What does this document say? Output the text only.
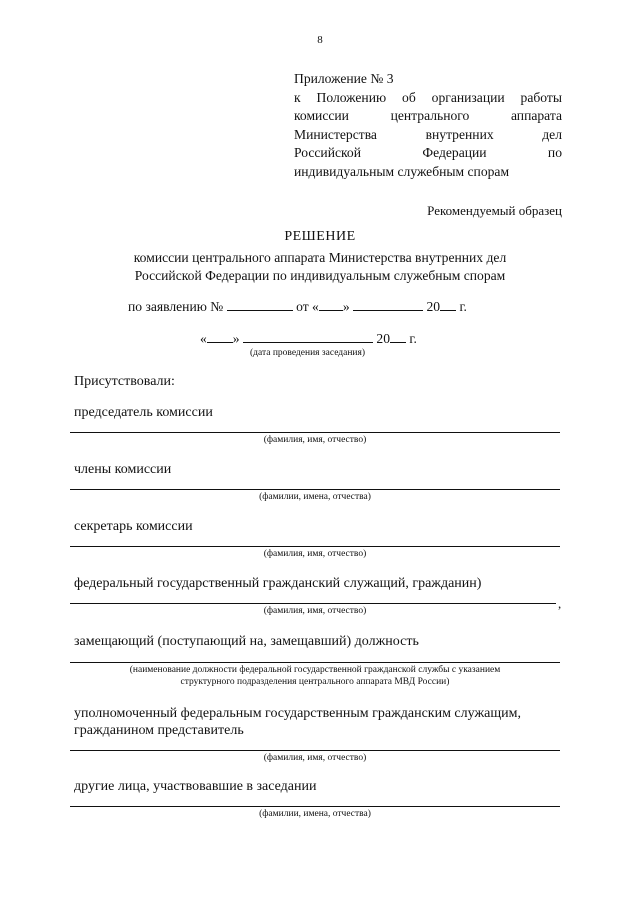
8
Приложение № 3
к Положению об организации работы
комиссии центрального аппарата
Министерства внутренних дел
Российской Федерации по
индивидуальным служебным спорам
Рекомендуемый образец
РЕШЕНИЕ
комиссии центрального аппарата Министерства внутренних дел
Российской Федерации по индивидуальным служебным спорам
по заявлению №	от « »	20 г.
« »	20 г.
(дата проведения заседания)
Присутствовали:
председатель комиссии
(фамилия, имя, отчество)
члены комиссии
(фамилии, имена, отчества)
секретарь комиссии
(фамилия, имя, отчество)
федеральный государственный гражданский служащий, гражданин)
,
(фамилия, имя, отчество)
замещающий (поступающий на, замещавший) должность
(наименование должности федеральной государственной гражданской службы с указанием
структурного подразделения центрального аппарата МВД России)
уполномоченный федеральным государственным гражданским служащим,
гражданином представитель
(фамилия, имя, отчество)
другие лица, участвовавшие в заседании
(фамилии, имена, отчества)
